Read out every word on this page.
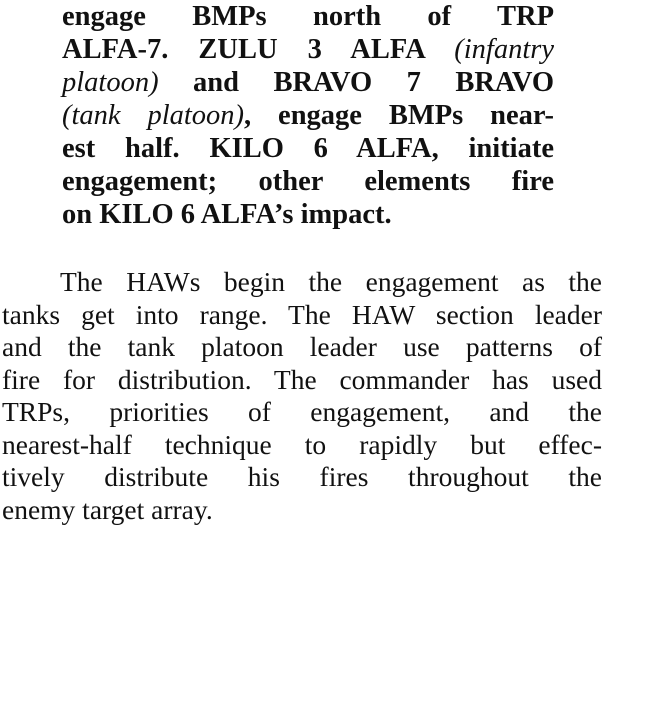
engage BMPs north of TRP
ALFA-7. ZULU 3 ALFA (infantry
platoon) and BRAVO 7 BRAVO
(tank platoon), engage BMPs near-
est half. KILO 6 ALFA, initiate
engagement; other elements fire
on KILO 6 ALFA’s impact.
The HAWs begin the engagement as the
tanks get into range. The HAW section leader
and the tank platoon leader use patterns of
fire for distribution. The commander has used
TRPs, priorities of engagement, and the
nearest-half technique to rapidly but effec-
tively distribute his fires throughout the
enemy target array.
